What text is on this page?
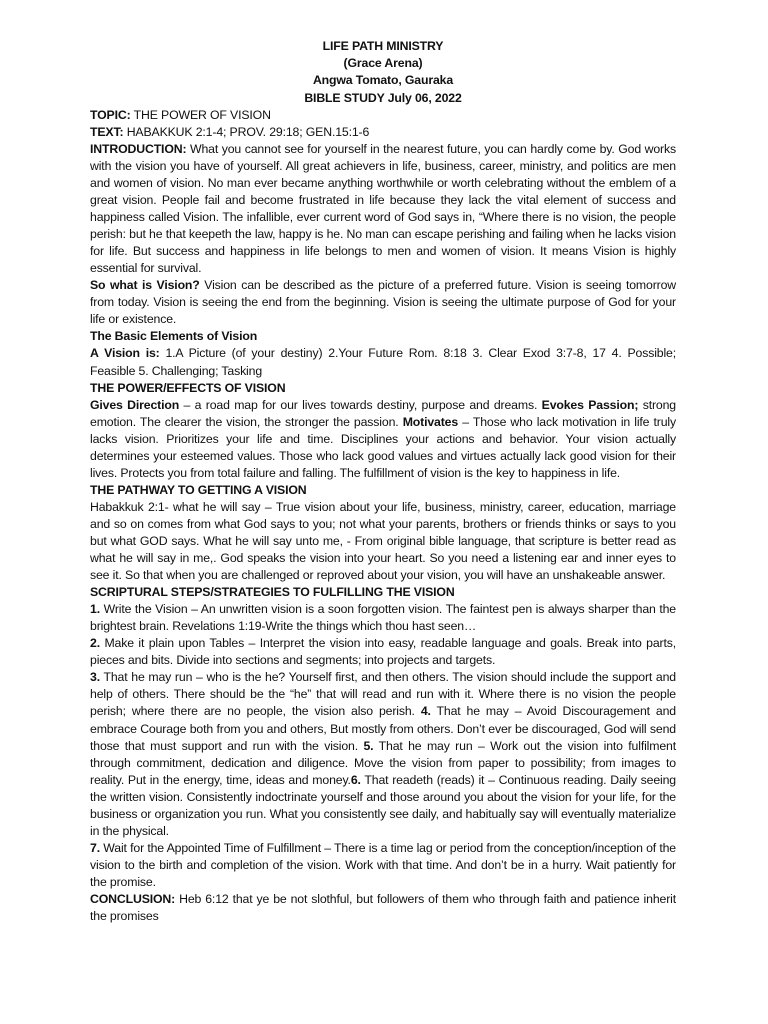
LIFE PATH MINISTRY
(Grace Arena)
Angwa Tomato, Gauraka
BIBLE STUDY July 06, 2022

TOPIC: THE POWER OF VISION

TEXT: HABAKKUK 2:1-4; PROV. 29:18; GEN.15:1-6

INTRODUCTION: What you cannot see for yourself in the nearest future, you can hardly come by. God works with the vision you have of yourself. All great achievers in life, business, career, ministry, and politics are men and women of vision. No man ever became anything worthwhile or worth celebrating without the emblem of a great vision. People fail and become frustrated in life because they lack the vital element of success and happiness called Vision. The infallible, ever current word of God says in, “Where there is no vision, the people perish: but he that keepeth the law, happy is he. No man can escape perishing and failing when he lacks vision for life. But success and happiness in life belongs to men and women of vision. It means Vision is highly essential for survival.

So what is Vision? Vision can be described as the picture of a preferred future. Vision is seeing tomorrow from today. Vision is seeing the end from the beginning. Vision is seeing the ultimate purpose of God for your life or existence.

The Basic Elements of Vision

A Vision is: 1.A Picture (of your destiny) 2.Your Future Rom. 8:18 3. Clear Exod 3:7-8, 17 4. Possible; Feasible 5. Challenging; Tasking

THE POWER/EFFECTS OF VISION

Gives Direction – a road map for our lives towards destiny, purpose and dreams. Evokes Passion; strong emotion. The clearer the vision, the stronger the passion. Motivates – Those who lack motivation in life truly lacks vision. Prioritizes your life and time. Disciplines your actions and behavior. Your vision actually determines your esteemed values. Those who lack good values and virtues actually lack good vision for their lives. Protects you from total failure and falling. The fulfillment of vision is the key to happiness in life.

THE PATHWAY TO GETTING A VISION

Habakkuk 2:1- what he will say – True vision about your life, business, ministry, career, education, marriage and so on comes from what God says to you; not what your parents, brothers or friends thinks or says to you but what GOD says. What he will say unto me, - From original bible language, that scripture is better read as what he will say in me,. God speaks the vision into your heart. So you need a listening ear and inner eyes to see it. So that when you are challenged or reproved about your vision, you will have an unshakeable answer.

SCRIPTURAL STEPS/STRATEGIES TO FULFILLING THE VISION

1. Write the Vision – An unwritten vision is a soon forgotten vision. The faintest pen is always sharper than the brightest brain. Revelations 1:19-Write the things which thou hast seen…

2. Make it plain upon Tables – Interpret the vision into easy, readable language and goals. Break into parts, pieces and bits. Divide into sections and segments; into projects and targets.

3. That he may run – who is the he? Yourself first, and then others. The vision should include the support and help of others. There should be the “he” that will read and run with it. Where there is no vision the people perish; where there are no people, the vision also perish. 4. That he may – Avoid Discouragement and embrace Courage both from you and others, But mostly from others. Don’t ever be discouraged, God will send those that must support and run with the vision. 5. That he may run – Work out the vision into fulfilment through commitment, dedication and diligence. Move the vision from paper to possibility; from images to reality. Put in the energy, time, ideas and money.6. That readeth (reads) it – Continuous reading. Daily seeing the written vision. Consistently indoctrinate yourself and those around you about the vision for your life, for the business or organization you run. What you consistently see daily, and habitually say will eventually materialize in the physical.

7. Wait for the Appointed Time of Fulfillment – There is a time lag or period from the conception/inception of the vision to the birth and completion of the vision. Work with that time. And don’t be in a hurry. Wait patiently for the promise.

CONCLUSION: Heb 6:12 that ye be not slothful, but followers of them who through faith and patience inherit the promises
